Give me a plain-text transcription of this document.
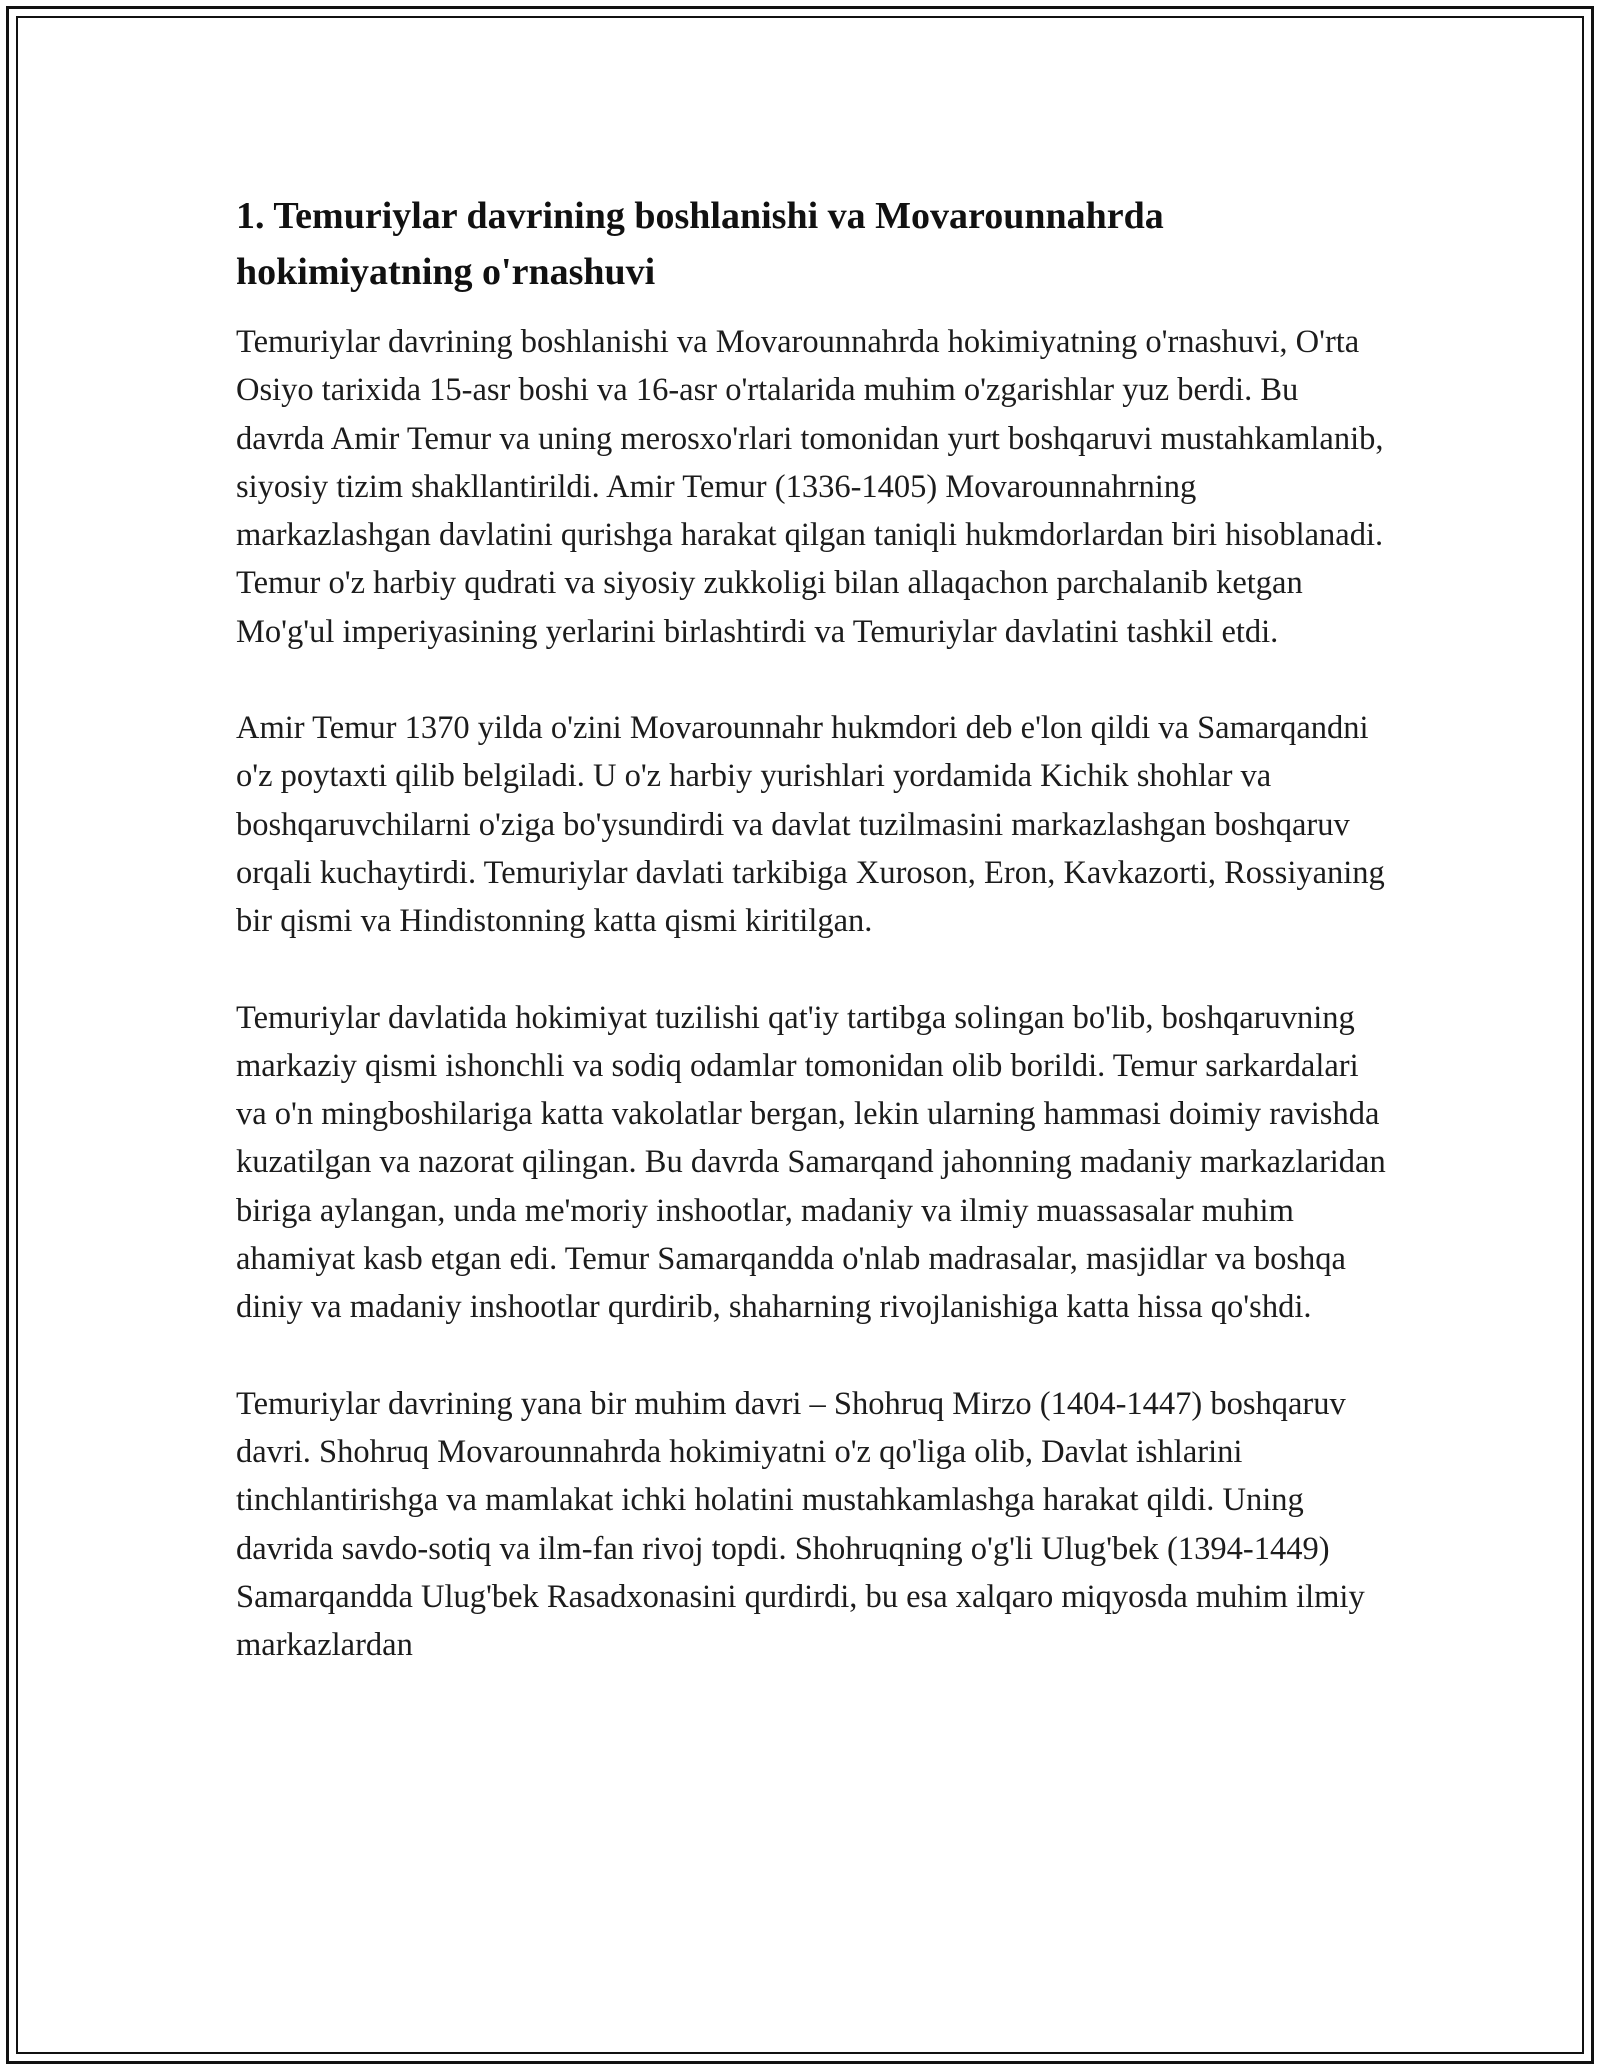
1. Temuriylar davrining boshlanishi va Movarounnahrda hokimiyatning o'rnashuvi

Temuriylar davrining boshlanishi va Movarounnahrda hokimiyatning o'rnashuvi, O'rta Osiyo tarixida 15-asr boshi va 16-asr o'rtalarida muhim o'zgarishlar yuz berdi. Bu davrda Amir Temur va uning merosxo'rlari tomonidan yurt boshqaruvi mustahkamlanib, siyosiy tizim shakllantirildi. Amir Temur (1336-1405) Movarounnahrning markazlashgan davlatini qurishga harakat qilgan taniqli hukmdorlardan biri hisoblanadi. Temur o'z harbiy qudrati va siyosiy zukkoligi bilan allaqachon parchalanib ketgan Mo'g'ul imperiyasining yerlarini birlashtirdi va Temuriylar davlatini tashkil etdi.

Amir Temur 1370 yilda o'zini Movarounnahr hukmdori deb e'lon qildi va Samarqandni o'z poytaxti qilib belgiladi. U o'z harbiy yurishlari yordamida Kichik shohlar va boshqaruvchilarni o'ziga bo'ysundirdi va davlat tuzilmasini markazlashgan boshqaruv orqali kuchaytirdi. Temuriylar davlati tarkibiga Xuroson, Eron, Kavkazorti, Rossiyaning bir qismi va Hindistonning katta qismi kiritilgan.

Temuriylar davlatida hokimiyat tuzilishi qat'iy tartibga solingan bo'lib, boshqaruvning markaziy qismi ishonchli va sodiq odamlar tomonidan olib borildi. Temur sarkardalari va o'n mingboshilariga katta vakolatlar bergan, lekin ularning hammasi doimiy ravishda kuzatilgan va nazorat qilingan. Bu davrda Samarqand jahonning madaniy markazlaridan biriga aylangan, unda me'moriy inshootlar, madaniy va ilmiy muassasalar muhim ahamiyat kasb etgan edi. Temur Samarqandda o'nlab madrasalar, masjidlar va boshqa diniy va madaniy inshootlar qurdirib, shaharning rivojlanishiga katta hissa qo'shdi.

Temuriylar davrining yana bir muhim davri – Shohruq Mirzo (1404-1447) boshqaruv davri. Shohruq Movarounnahrda hokimiyatni o'z qo'liga olib, Davlat ishlarini tinchlantirishga va mamlakat ichki holatini mustahkamlashga harakat qildi. Uning davrida savdo-sotiq va ilm-fan rivoj topdi. Shohruqning o'g'li Ulug'bek (1394-1449) Samarqandda Ulug'bek Rasadxonasini qurdirdi, bu esa xalqaro miqyosda muhim ilmiy markazlardan
